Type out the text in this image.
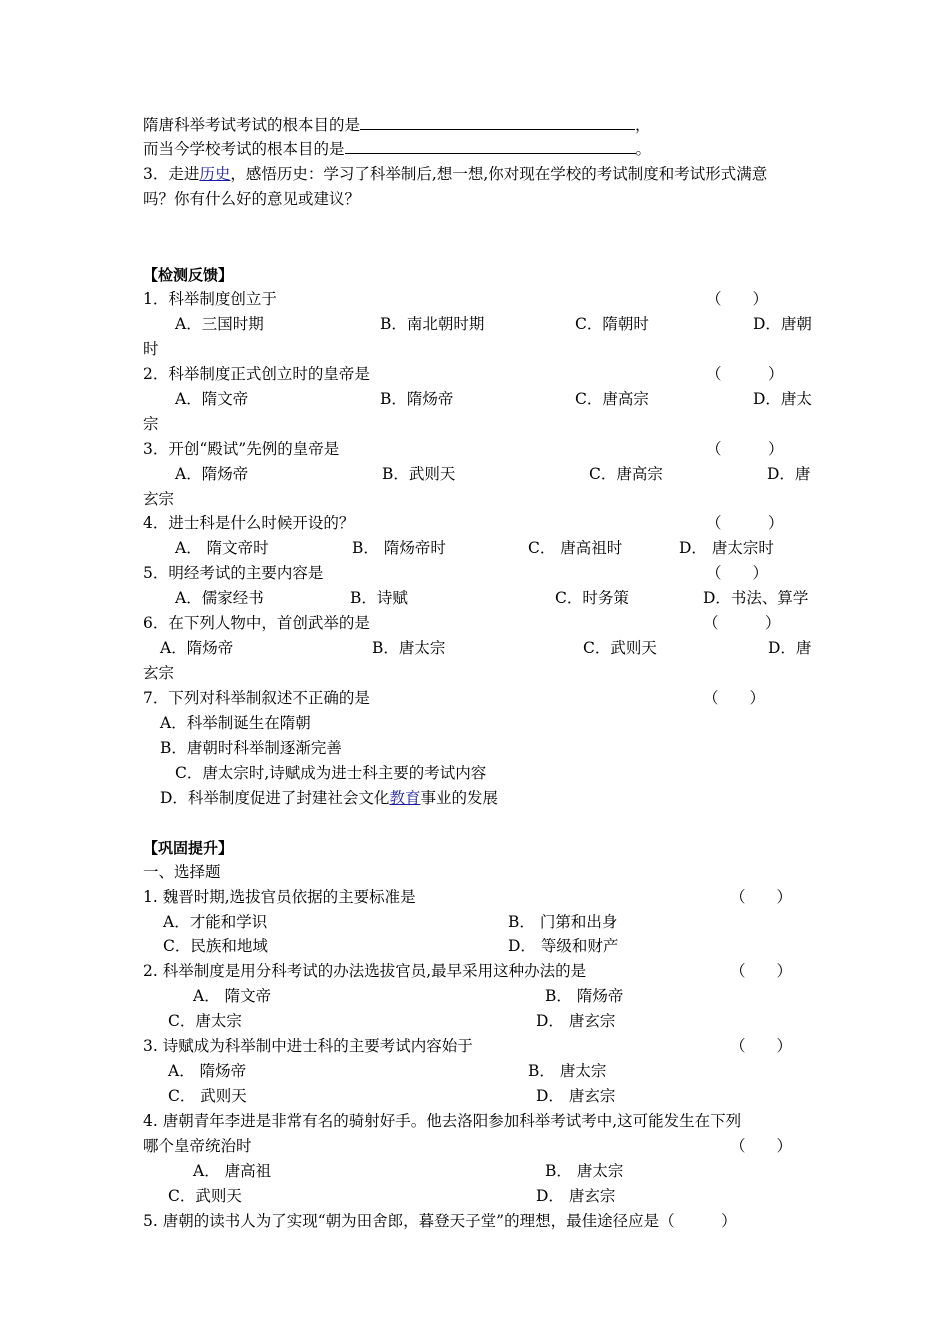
隋唐科举考试考试的根本目的是	，
而当今学校考试的根本目的是	。
3．走进历史，感悟历史：学习了科举制后,想一想,你对现在学校的考试制度和考试形式满意
吗？你有什么好的意见或建议？
【检测反馈】
1．科举制度创立于	（　　）
A．三国时期	B．南北朝时期	C．隋朝时	D．唐朝
时
2．科举制度正式创立时的皇帝是	（　　　）
A．隋文帝	B．隋炀帝	C．唐高宗	D．唐太
宗
3．开创“殿试”先例的皇帝是	（　　　）
A．隋炀帝	B．武则天	C．唐高宗	D．唐
玄宗
4．进士科是什么时候开设的？	（　　　）
A． 隋文帝时	B． 隋炀帝时	C． 唐高祖时	D． 唐太宗时
5．明经考试的主要内容是	（　　）
A．儒家经书	B．诗赋	C．时务策	D．书法、算学
6．在下列人物中，首创武举的是	（　　　）
A．隋炀帝	B．唐太宗	C．武则天	D．唐
玄宗
7．下列对科举制叙述不正确的是	（　　）
A．科举制诞生在隋朝
B．唐朝时科举制逐渐完善
C．唐太宗时,诗赋成为进士科主要的考试内容
D．科举制度促进了封建社会文化教育事业的发展
【巩固提升】
一、选择题
1. 魏晋时期,选拔官员依据的主要标准是	（　　）
A．才能和学识	B． 门第和出身
C．民族和地域	D． 等级和财产
2. 科举制度是用分科考试的办法选拔官员,最早采用这种办法的是	（　　）
A． 隋文帝	B． 隋炀帝
C．唐太宗	D． 唐玄宗
3. 诗赋成为科举制中进士科的主要考试内容始于	（　　）
A． 隋炀帝	B． 唐太宗
C． 武则天	D． 唐玄宗
4. 唐朝青年李进是非常有名的骑射好手。他去洛阳参加科举考试考中,这可能发生在下列
哪个皇帝统治时	（　　）
A． 唐高祖	B． 唐太宗
C．武则天	D． 唐玄宗
5. 唐朝的读书人为了实现“朝为田舍郎，暮登天子堂”的理想，最佳途径应是（　　　）
